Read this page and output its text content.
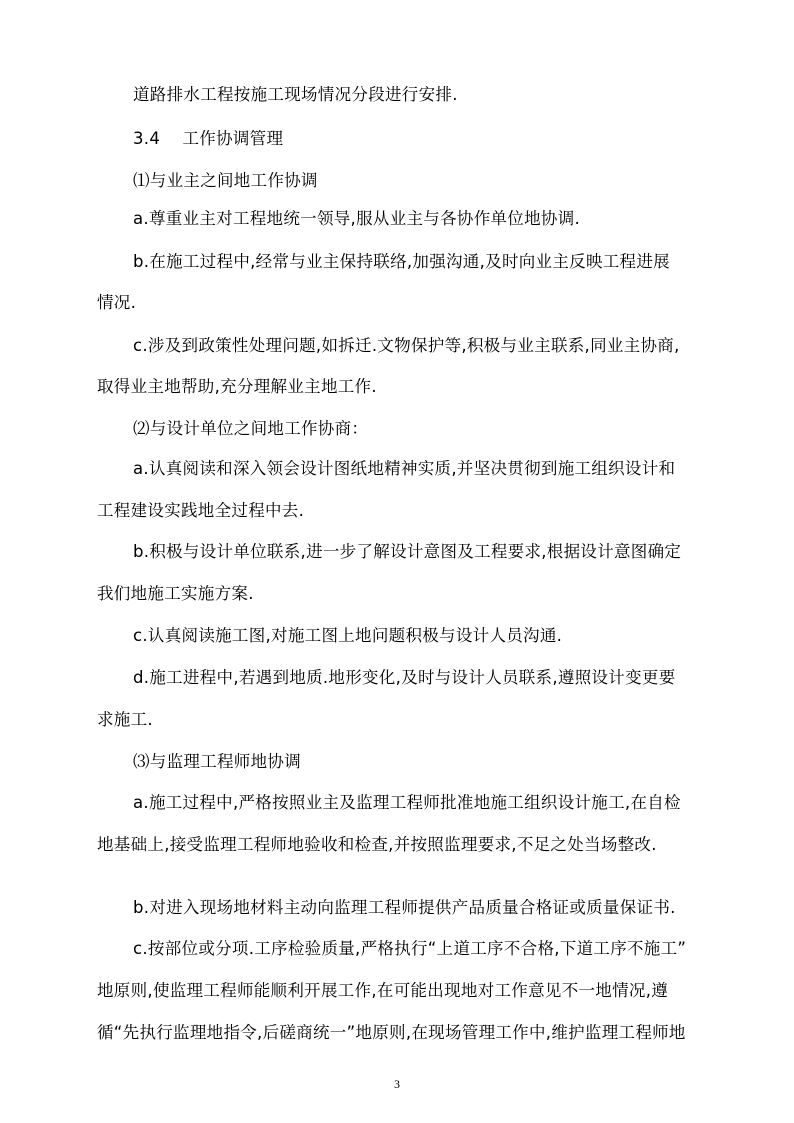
道路排水工程按施工现场情况分段进行安排.
3.4　 工作协调管理
⑴与业主之间地工作协调
a.尊重业主对工程地统一领导,服从业主与各协作单位地协调.
b.在施工过程中,经常与业主保持联络,加强沟通,及时向业主反映工程进展
情况.
c.涉及到政策性处理问题,如拆迁.文物保护等,积极与业主联系,同业主协商,
取得业主地帮助,充分理解业主地工作.
⑵与设计单位之间地工作协商：
a.认真阅读和深入领会设计图纸地精神实质,并坚决贯彻到施工组织设计和
工程建设实践地全过程中去.
b.积极与设计单位联系,进一步了解设计意图及工程要求,根据设计意图确定
我们地施工实施方案.
c.认真阅读施工图,对施工图上地问题积极与设计人员沟通.
d.施工进程中,若遇到地质.地形变化,及时与设计人员联系,遵照设计变更要
求施工.
⑶与监理工程师地协调
a.施工过程中,严格按照业主及监理工程师批准地施工组织设计施工,在自检
地基础上,接受监理工程师地验收和检查,并按照监理要求,不足之处当场整改.
b.对进入现场地材料主动向监理工程师提供产品质量合格证或质量保证书.
c.按部位或分项.工序检验质量,严格执行“上道工序不合格,下道工序不施工”
地原则,使监理工程师能顺利开展工作,在可能出现地对工作意见不一地情况,遵
循“先执行监理地指令,后磋商统一”地原则,在现场管理工作中,维护监理工程师地
3
